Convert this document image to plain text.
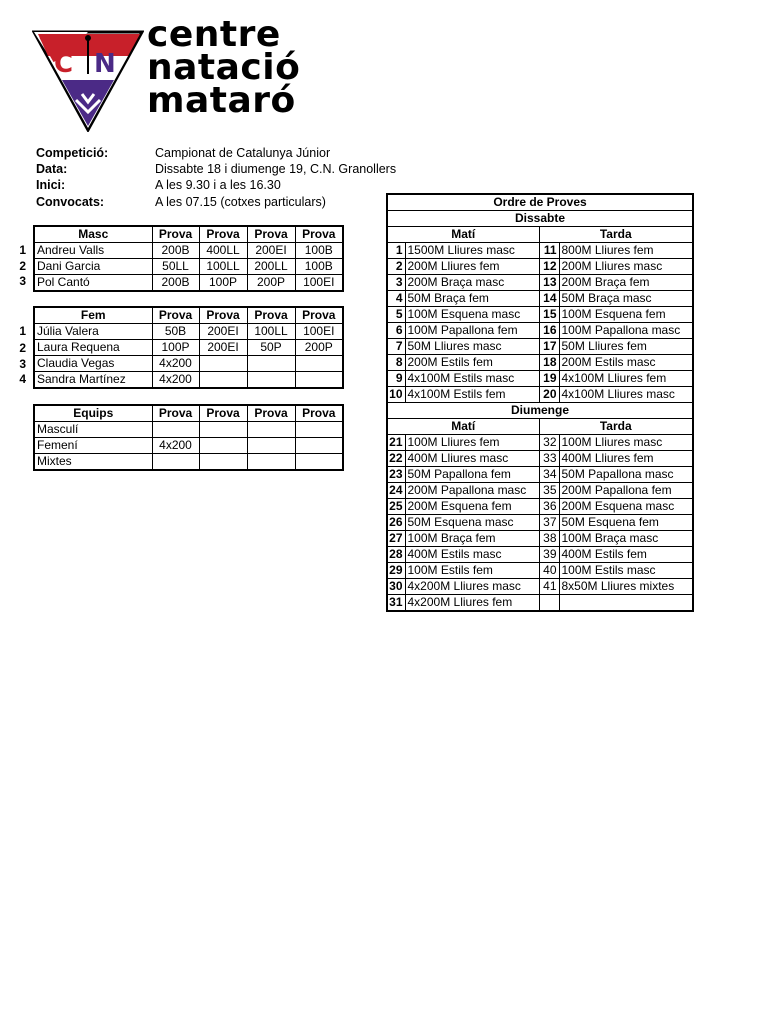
C N
centre
natació
mataró
Competició:	Campionat de Catalunya Júnior
Data:	Dissabte 18 i diumenge 19, C.N. Granollers
Inici:	A les 9.30 i a les 16.30
Convocats:	A les 07.15 (cotxes particulars)
Masc	Prova	Prova	Prova	Prova
Andreu Valls	200B	400LL	200EI	100B
Dani Garcia	50LL	100LL	200LL	100B
Pol Cantó	200B	100P	200P	100EI
1
2
3
Fem	Prova	Prova	Prova	Prova
Júlia Valera	50B	200EI	100LL	100EI
Laura Requena	100P	200EI	50P	200P
Claudia Vegas	4x200			
Sandra Martínez	4x200			
1
2
3
4
Equips	Prova	Prova	Prova	Prova
Masculí				
Femení	4x200			
Mixtes				
Ordre de Proves			
Dissabte			
Matí		Tarda	
1	1500M Lliures masc	11	800M Lliures fem
2	200M Lliures fem	12	200M Lliures masc
3	200M Braça masc	13	200M Braça fem
4	50M Braça fem	14	50M Braça masc
5	100M Esquena masc	15	100M Esquena fem
6	100M Papallona fem	16	100M Papallona masc
7	50M Lliures masc	17	50M Lliures fem
8	200M Estils fem	18	200M Estils masc
9	4x100M Estils masc	19	4x100M Lliures fem
10	4x100M Estils fem	20	4x100M Lliures masc
Diumenge			
Matí		Tarda	
21	100M Lliures fem	32	100M Lliures masc
22	400M Lliures masc	33	400M Lliures fem
23	50M Papallona fem	34	50M Papallona masc
24	200M Papallona masc	35	200M Papallona fem
25	200M Esquena fem	36	200M Esquena masc
26	50M Esquena masc	37	50M Esquena fem
27	100M Braça fem	38	100M Braça masc
28	400M Estils masc	39	400M Estils fem
29	100M Estils fem	40	100M Estils masc
30	4x200M Lliures masc	41	8x50M Lliures mixtes
31	4x200M Lliures fem		
